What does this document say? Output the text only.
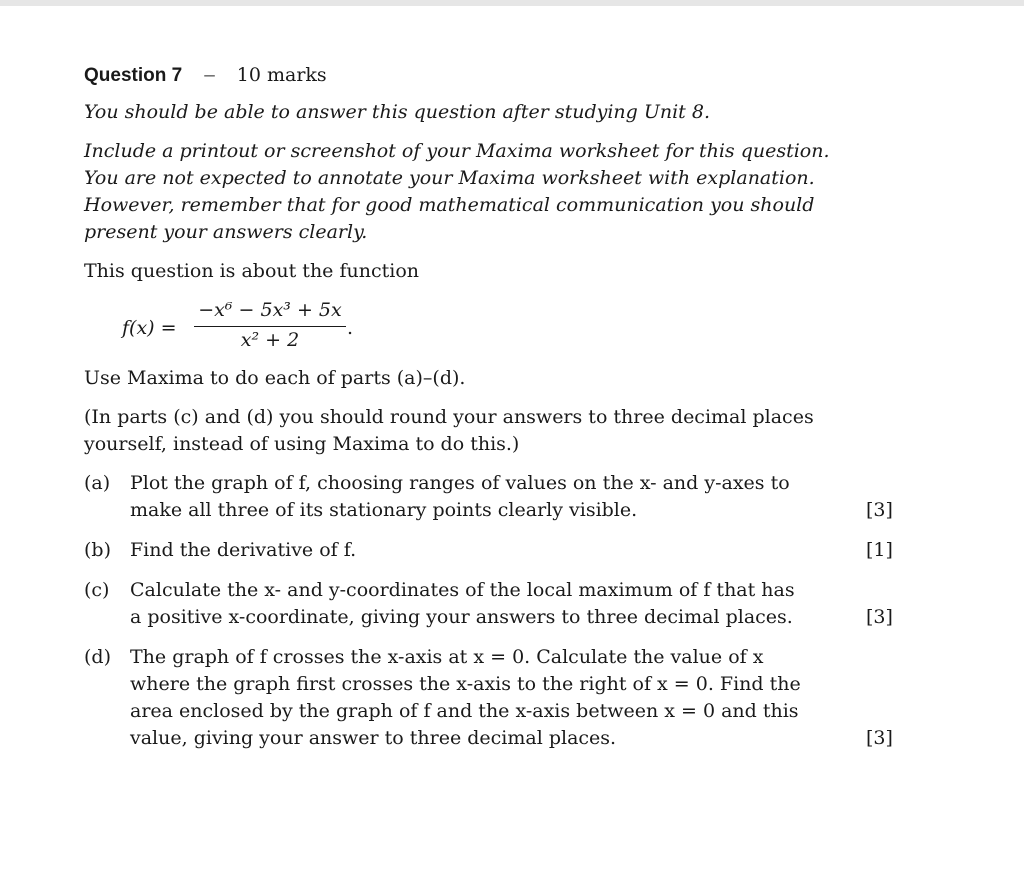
Question 7 – 10 marks
You should be able to answer this question after studying Unit 8.
Include a printout or screenshot of your Maxima worksheet for this question.
You are not expected to annotate your Maxima worksheet with explanation.
However, remember that for good mathematical communication you should
present your answers clearly.
This question is about the function
$f(x) = \frac{\text{−x⁶ − 5x³ + 5x}}{\text{x² + 2}}$ .
Use Maxima to do each of parts (a)–(d).
(In parts (c) and (d) you should round your answers to three decimal places
yourself, instead of using Maxima to do this.)
(a) Plot the graph of f, choosing ranges of values on the x- and y-axes to
make all three of its stationary points clearly visible.	[3]
(b) Find the derivative of f.	[1]
(c) Calculate the x- and y-coordinates of the local maximum of f that has
a positive x-coordinate, giving your answers to three decimal places.	[3]
(d) The graph of f crosses the x-axis at x = 0. Calculate the value of x
where the graph first crosses the x-axis to the right of x = 0. Find the
area enclosed by the graph of f and the x-axis between x = 0 and this
value, giving your answer to three decimal places.	[3]
